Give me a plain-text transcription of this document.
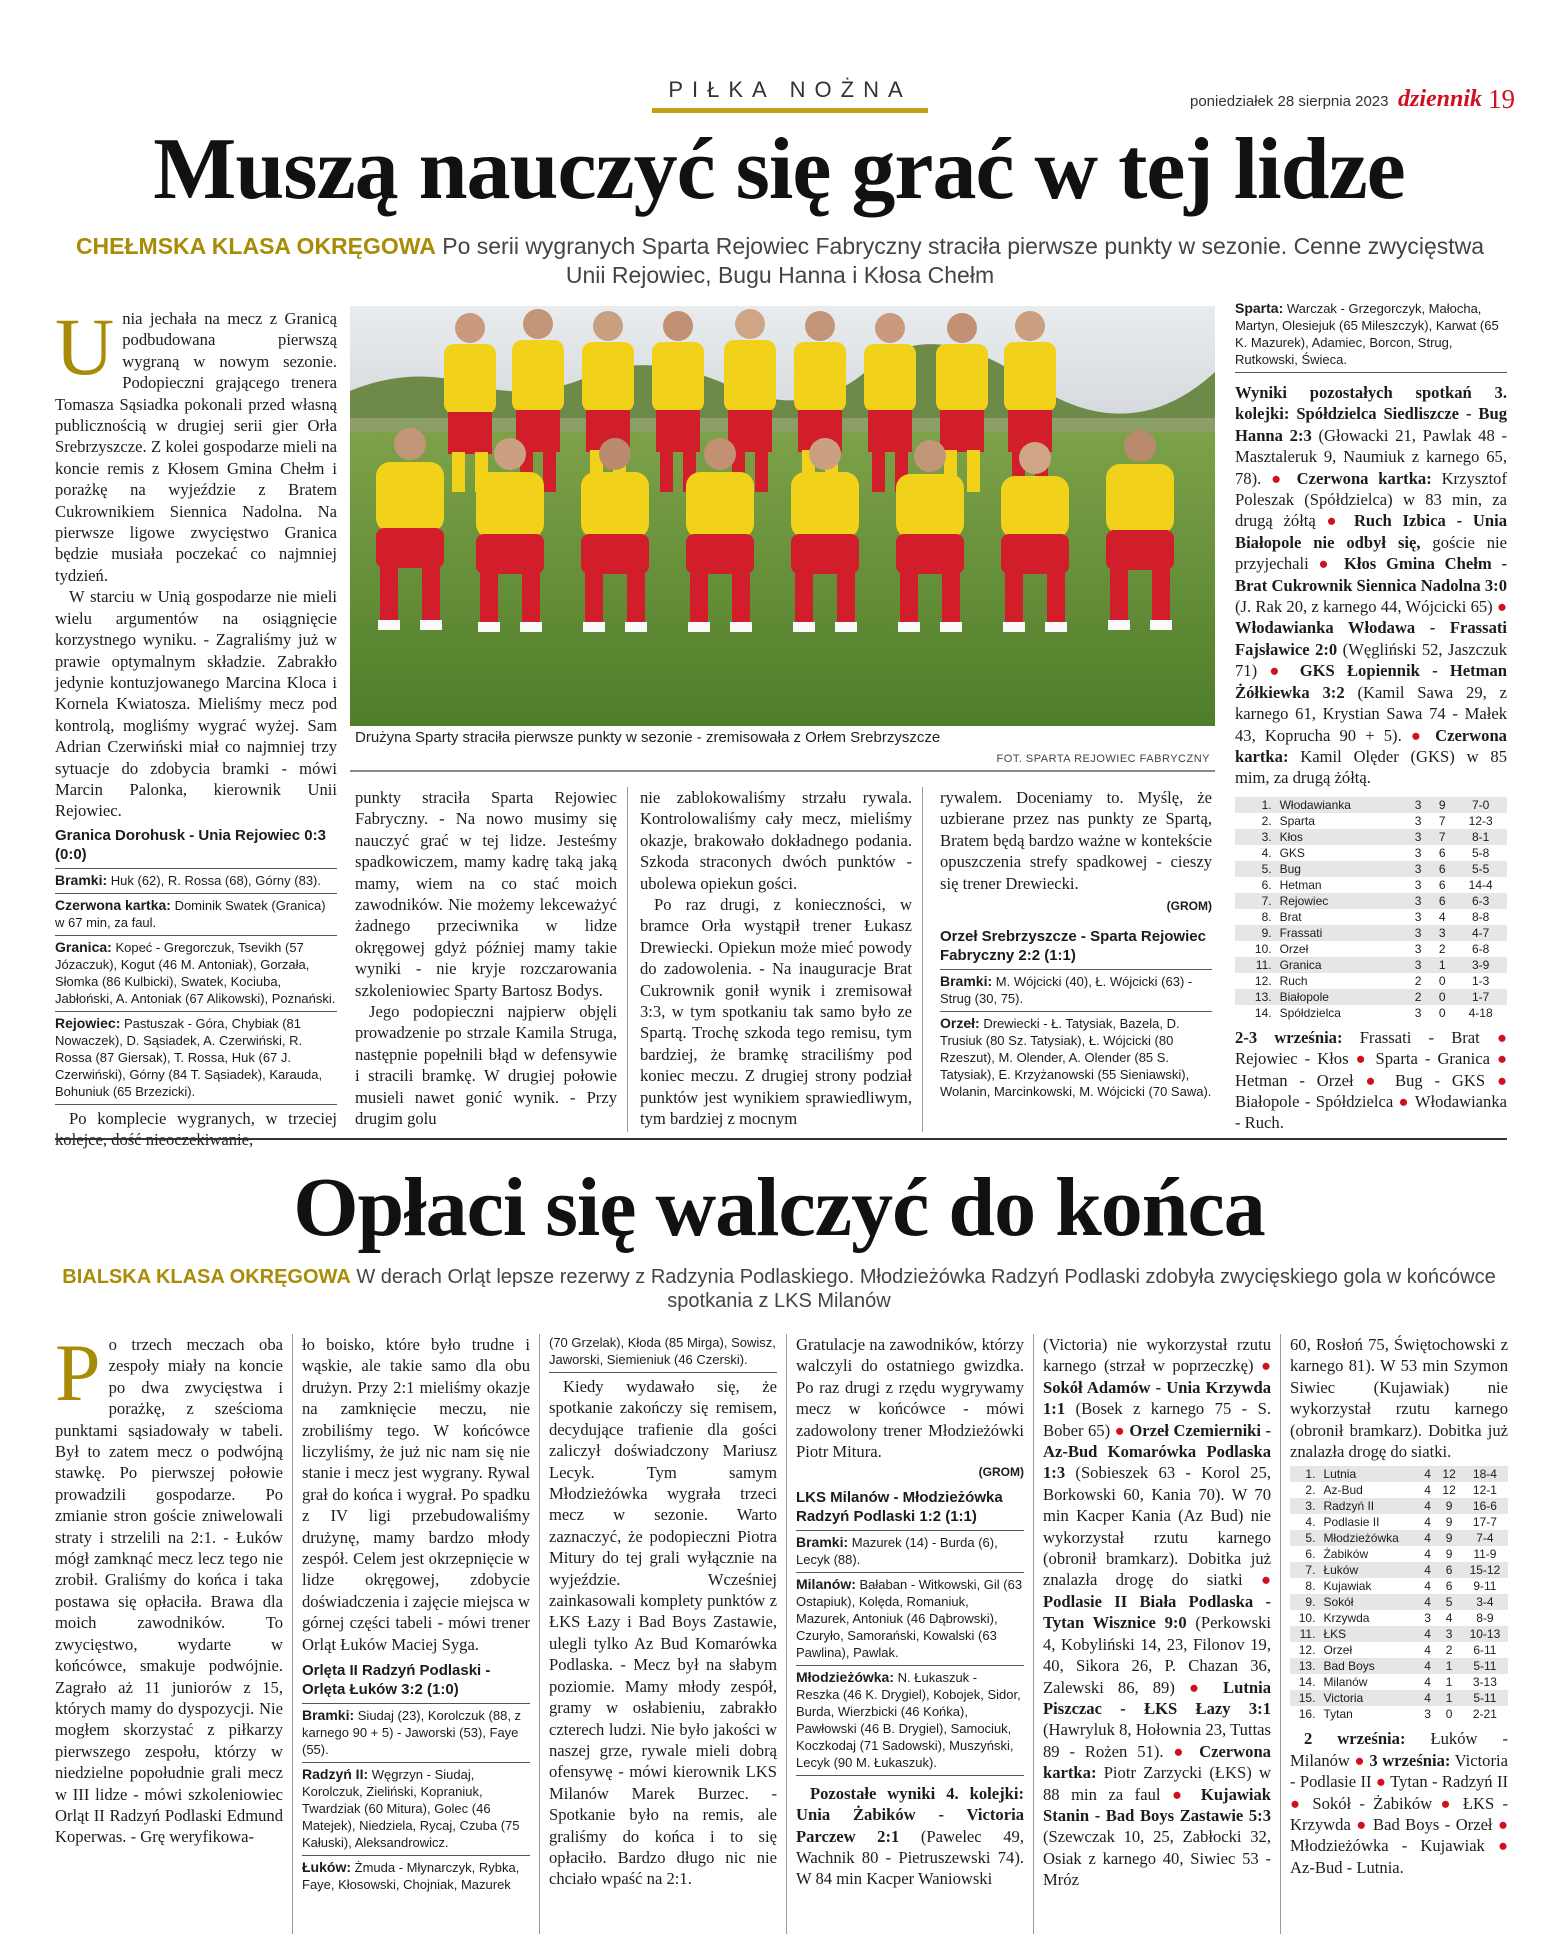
PIŁKA NOŻNA	poniedziałek 28 sierpnia 2023 dziennik 19
Muszą nauczyć się grać w tej lidze
CHEŁMSKA KLASA OKRĘGOWA Po serii wygranych Sparta Rejowiec Fabryczny straciła pierwsze punkty w sezonie. Cenne zwycięstwa Unii Rejowiec, Bugu Hanna i Kłosa Chełm

Unia jechała na mecz z Granicą podbudowana pierwszą wygraną w nowym sezonie. Podopieczni grającego trenera Tomasza Sąsiadka pokonali przed własną publicznością w drugiej serii gier Orła Srebrzyszcze. Z kolei gospodarze mieli na koncie remis z Kłosem Gmina Chełm i porażkę na wyjeździe z Bratem Cukrownikiem Siennica Nadolna. Na pierwsze ligowe zwycięstwo Granica będzie musiała poczekać co najmniej tydzień.

W starciu w Unią gospodarze nie mieli wielu argumentów na osiągnięcie korzystnego wyniku. - Zagraliśmy już w prawie optymalnym składzie. Zabrakło jedynie kontuzjowanego Marcina Kloca i Kornela Kwiatosza. Mieliśmy mecz pod kontrolą, mogliśmy wygrać wyżej. Sam Adrian Czerwiński miał co najmniej trzy sytuacje do zdobycia bramki - mówi Marcin Palonka, kierownik Unii Rejowiec.

Granica Dorohusk - Unia Rejowiec 0:3 (0:0)
Bramki: Huk (62), R. Rossa (68), Górny (83).
Czerwona kartka: Dominik Swatek (Granica) w 67 min, za faul.
Granica: Kopeć - Gregorczuk, Tsevikh (57 Józaczuk), Kogut (46 M. Antoniak), Gorzała, Słomka (86 Kulbicki), Swatek, Kociuba, Jabłoński, A. Antoniak (67 Alikowski), Poznański.
Rejowiec: Pastuszak - Góra, Chybiak (81 Nowaczek), D. Sąsiadek, A. Czerwiński, R. Rossa (87 Giersak), T. Rossa, Huk (67 J. Czerwiński), Górny (84 T. Sąsiadek), Karauda, Bohuniuk (65 Brzezicki).

Po komplecie wygranych, w trzeciej

Drużyna Sparty straciła pierwsze punkty w sezonie - zremisowała z Orłem Srebrzyszcze
FOT. SPARTA REJOWIEC FABRYCZNY

punkty straciła Sparta Rejowiec Fabryczny. - Na nowo musimy się nauczyć grać w tej lidze. Jesteśmy spadkowiczem, mamy kadrę taką jaką mamy, wiem na co stać moich zawodników. Nie możemy lekceważyć żadnego przeciwnika w lidze okręgowej gdyż później mamy takie wyniki - nie kryje rozczarowania szkoleniowiec Sparty Bartosz Bodys.

Jego podopieczni najpierw objęli prowadzenie po strzale Kamila Struga, następnie popełnili błąd w defensywie i stracili bramkę. W drugiej połowie musieli nawet gonić wynik. - Przy drugim golu

nie zablokowaliśmy strzału rywala. Kontrolowaliśmy cały mecz, mieliśmy okazje, brakowało dokładnego podania. Szkoda straconych dwóch punktów - ubolewa opiekun gości.

Po raz drugi, z konieczności, w bramce Orła wystąpił trener Łukasz Drewiecki. Opiekun może mieć powody do zadowolenia. - Na inauguracje Brat Cukrownik gonił wynik i zremisował 3:3, w tym spotkaniu tak samo było ze Spartą. Trochę szkoda tego remisu, tym bardziej, że bramkę straciliśmy pod koniec meczu. Z drugiej strony podział punktów jest wynikiem sprawiedliwym, tym bardziej z mocnym

rywalem. Doceniamy to. Myślę, że uzbierane przez nas punkty ze Spartą, Bratem będą bardzo ważne w kontekście opuszczenia strefy spadkowej - cieszy się trener Drewiecki.

(GROM)
Orzeł Srebrzyszcze - Sparta Rejowiec Fabryczny 2:2 (1:1)
Bramki: M. Wójcicki (40), Ł. Wójcicki (63) - Strug (30, 75).
Orzeł: Drewiecki - Ł. Tatysiak, Bazela, D. Trusiuk (80 Sz. Tatysiak), Ł. Wójcicki (80 Rzeszut), M. Olender, A. Olender (85 S. Tatysiak), E. Krzyżanowski (55 Sieniawski), Wolanin, Marcinkowski, M. Wójcicki (70 Sawa).
Sparta: Warczak - Grzegorczyk, Małocha, Martyn, Olesiejuk (65 Mileszczyk), Karwat (65 K. Mazurek), Adamiec, Borcon, Strug, Rutkowski, Świeca.

Wyniki pozostałych spotkań 3. kolejki: Spółdzielca Siedliszcze - Bug Hanna 2:3 (Głowacki 21, Pawlak 48 - Masztaleruk 9, Naumiuk z karnego 65, 78). ● Czerwona kartka: Krzysztof Poleszak (Spółdzielca) w 83 min, za drugą żółtą ● Ruch Izbica - Unia Białopole nie odbył się, goście nie przyjechali ● Kłos Gmina Chełm - Brat Cukrownik Siennica Nadolna 3:0 (J. Rak 20, z karnego 44, Wójcicki 65) ● Włodawianka Włodawa - Frassati Fajsławice 2:0 (Węgliński 52, Jaszczuk 71) ● GKS Łopiennik - Hetman Żółkiewka 3:2 (Kamil Sawa 29, z karnego 61, Krystian Sawa 74 - Małek 43, Koprucha 90 + 5). ● Czerwona kartka: Kamil Olęder (GKS) w 85 mim, za drugą żółtą.

1.	Włodawianka	3	9	7-0
2.	Sparta	3	7	12-3
3.	Kłos	3	7	8-1
4.	GKS	3	6	5-8
5.	Bug	3	6	5-5
6.	Hetman	3	6	14-4
7.	Rejowiec	3	6	6-3
8.	Brat	3	4	8-8
9.	Frassati	3	3	4-7
10.	Orzeł	3	2	6-8
11.	Granica	3	1	3-9
12.	Ruch	2	0	1-3
13.	Białopole	2	0	1-7
14.	Spółdzielca	3	0	4-18

2-3 września: Frassati - Brat ● Rejowiec - Kłos ● Sparta - Granica ● Hetman - Orzeł ● Bug - GKS ● Białopole - Spółdzielca ● Włodawianka - Ruch.

Opłaci się walczyć do końca
BIALSKA KLASA OKRĘGOWA W derach Orląt lepsze rezerwy z Radzynia Podlaskiego. Młodzieżówka Radzyń Podlaski zdobyła zwycięskiego gola w końcówce spotkania z LKS Milanów

Po trzech meczach oba zespoły miały na koncie po dwa zwycięstwa i porażkę, z sześcioma punktami sąsiadowały w tabeli. Był to zatem mecz o podwójną stawkę. Po pierwszej połowie prowadzili gospodarze. Po zmianie stron goście zniwelowali straty i strzelili na 2:1. - Łuków mógł zamknąć mecz lecz tego nie zrobił. Graliśmy do końca i taka postawa się opłaciła. Brawa dla moich zawodników. To zwycięstwo, wydarte w końcówce, smakuje podwójnie. Zagrało aż 11 juniorów z 15, których mamy do dyspozycji. Nie mogłem skorzystać z piłkarzy pierwszego zespołu, którzy w niedzielne popołudnie grali mecz w III lidze - mówi szkoleniowiec Orląt II Radzyń Podlaski Edmund Koperwas. - Grę weryfikowa-

ło boisko, które było trudne i wąskie, ale takie samo dla obu drużyn. Przy 2:1 mieliśmy okazje na zamknięcie meczu, nie zrobiliśmy tego. W końcówce liczyliśmy, że już nic nam się nie stanie i mecz jest wygrany. Rywal grał do końca i wygrał. Po spadku z IV ligi przebudowaliśmy drużynę, mamy bardzo młody zespół. Celem jest okrzepnięcie w lidze okręgowej, zdobycie doświadczenia i zajęcie miejsca w górnej części tabeli - mówi trener Orląt Łuków Maciej Syga.

Orlęta II Radzyń Podlaski - Orlęta Łuków 3:2 (1:0)
Bramki: Siudaj (23), Korolczuk (88, z karnego 90 + 5) - Jaworski (53), Faye (55).
Radzyń II: Węgrzyn - Siudaj, Korolczuk, Zieliński, Kopraniuk, Twardziak (60 Mitura), Golec (46 Matejek), Niedziela, Rycaj, Czuba (75 Kałuski), Aleksandrowicz.
Łuków: Żmuda - Młynarczyk, Rybka, Faye, Kłosowski, Chojniak, Mazurek
(70 Grzelak), Kłoda (85 Mirga), Sowisz, Jaworski, Siemieniuk (46 Czerski).

Kiedy wydawało się, że spotkanie zakończy się remisem, decydujące trafienie dla gości zaliczył doświadczony Mariusz Lecyk. Tym samym Młodzieżówka wygrała trzeci mecz w sezonie. Warto zaznaczyć, że podopieczni Piotra Mitury do tej grali wyłącznie na wyjeździe. Wcześniej zainkasowali komplety punktów z ŁKS Łazy i Bad Boys Zastawie, ulegli tylko Az Bud Komarówka Podlaska. - Mecz był na słabym poziomie. Mamy młody zespół, gramy w osłabieniu, zabrakło czterech ludzi. Nie było jakości w naszej grze, rywale mieli dobrą ofensywę - mówi kierownik LKS Milanów Marek Burzec. - Spotkanie było na remis, ale graliśmy do końca i to się opłaciło. Bardzo długo nic nie chciało wpaść na 2:1.

Gratulacje na zawodników, którzy walczyli do ostatniego gwizdka. Po raz drugi z rzędu wygrywamy mecz w końcówce - mówi zadowolony trener Młodzieżówki Piotr Mitura.

(GROM)
LKS Milanów - Młodzieżówka Radzyń Podlaski 1:2 (1:1)
Bramki: Mazurek (14) - Burda (6), Lecyk (88).
Milanów: Bałaban - Witkowski, Gil (63 Ostapiuk), Kolęda, Romaniuk, Mazurek, Antoniuk (46 Dąbrowski), Czuryło, Samorański, Kowalski (63 Pawlina), Pawlak.
Młodzieżówka: N. Łukaszuk - Reszka (46 K. Drygiel), Kobojek, Sidor, Burda, Wierzbicki (46 Końka), Pawłowski (46 B. Drygiel), Samociuk, Koczkodaj (71 Sadowski), Muszyński, Lecyk (90 M. Łukaszuk).

Pozostałe wyniki 4. kolejki: Unia Żabików - Victoria Parczew 2:1 (Pawelec 49, Wachnik 80 - Pietruszewski 74). W 84 min Kacper Waniowski

(Victoria) nie wykorzystał rzutu karnego (strzał w poprzeczkę) ● Sokół Adamów - Unia Krzywda 1:1 (Bosek z karnego 75 - S. Bober 65) ● Orzeł Czemierniki - Az-Bud Komarówka Podlaska 1:3 (Sobieszek 63 - Korol 25, Borkowski 60, Kania 70). W 70 min Kacper Kania (Az Bud) nie wykorzystał rzutu karnego (obronił bramkarz). Dobitka już znalazła drogę do siatki ● Podlasie II Biała Podlaska - Tytan Wisznice 9:0 (Perkowski 4, Kobyliński 14, 23, Filonov 19, 40, Sikora 26, P. Chazan 36, Zalewski 86, 89) ● Lutnia Piszczac - ŁKS Łazy 3:1 (Hawryluk 8, Hołownia 23, Tuttas 89 - Rożen 51). ● Czerwona kartka: Piotr Zarzycki (ŁKS) w 88 min za faul ● Kujawiak Stanin - Bad Boys Zastawie 5:3 (Szewczak 10, 25, Zabłocki 32, Osiak z karnego 40, Siwiec 53 - Mróz

60, Rosłoń 75, Świętochowski z karnego 81). W 53 min Szymon Siwiec (Kujawiak) nie wykorzystał rzutu karnego (obronił bramkarz). Dobitka już znalazła drogę do siatki.

1.	Lutnia	4	12	18-4
2.	Az-Bud	4	12	12-1
3.	Radzyń II	4	9	16-6
4.	Podlasie II	4	9	17-7
5.	Młodzieżówka	4	9	7-4
6.	Żabików	4	9	11-9
7.	Łuków	4	6	15-12
8.	Kujawiak	4	6	9-11
9.	Sokół	4	5	3-4
10.	Krzywda	3	4	8-9
11.	ŁKS	4	3	10-13
12.	Orzeł	4	2	6-11
13.	Bad Boys	4	1	5-11
14.	Milanów	4	1	3-13
15.	Victoria	4	1	5-11
16.	Tytan	3	0	2-21

2 września: Łuków - Milanów ● 3 września: Victoria - Podlasie II ● Tytan - Radzyń II ● Sokół - Żabików ● ŁKS - Krzywda ● Bad Boys - Orzeł ● Młodzieżówka - Kujawiak ● Az-Bud - Lutnia.
